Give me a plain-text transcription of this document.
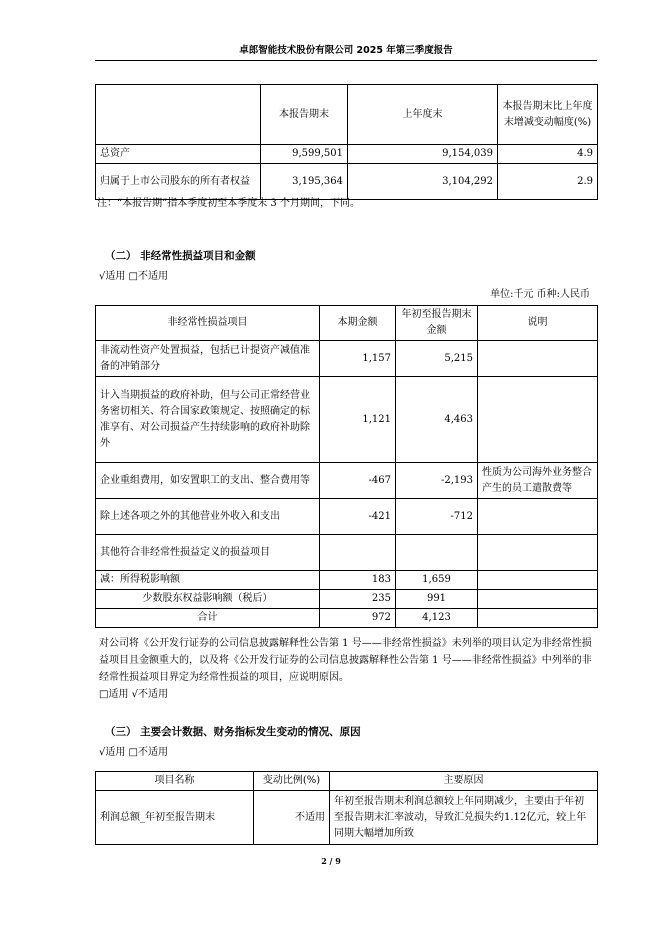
卓郎智能技术股份有限公司 2025 年第三季度报告
	本报告期末	上年度末	本报告期末比上年度末增减变动幅度(%)
总资产	9,599,501	9,154,039	4.9
归属于上市公司股东的所有者权益	3,195,364	3,104,292	2.9
注：“本报告期”指本季度初至本季度末 3 个月期间，下同。
（二） 非经常性损益项目和金额
√适用 □不适用
单位:千元 币种:人民币
非经常性损益项目	本期金额	年初至报告期末金额	说明
非流动性资产处置损益，包括已计提资产减值准备的冲销部分	1,157	5,215	
计入当期损益的政府补助，但与公司正常经营业务密切相关、符合国家政策规定、按照确定的标准享有、对公司损益产生持续影响的政府补助除外	1,121	4,463	
企业重组费用，如安置职工的支出、整合费用等	-467	-2,193	性质为公司海外业务整合产生的员工遣散费等
除上述各项之外的其他营业外收入和支出	-421	-712	
其他符合非经常性损益定义的损益项目			
减：所得税影响额	183	1,659	
少数股东权益影响额（税后）	235	991	
合计	972	4,123	
对公司将《公开发行证券的公司信息披露解释性公告第 1 号——非经常性损益》未列举的项目认定为非经常性损益项目且金额重大的，以及将《公开发行证券的公司信息披露解释性公告第 1 号——非经常性损益》中列举的非经常性损益项目界定为经常性损益的项目，应说明原因。
□适用 √不适用
（三） 主要会计数据、财务指标发生变动的情况、原因
√适用 □不适用
项目名称	变动比例(%)	主要原因
利润总额_年初至报告期末	不适用	年初至报告期末利润总额较上年同期减少，主要由于年初至报告期末汇率波动，导致汇兑损失约1.12亿元，较上年同期大幅增加所致
2 / 9
